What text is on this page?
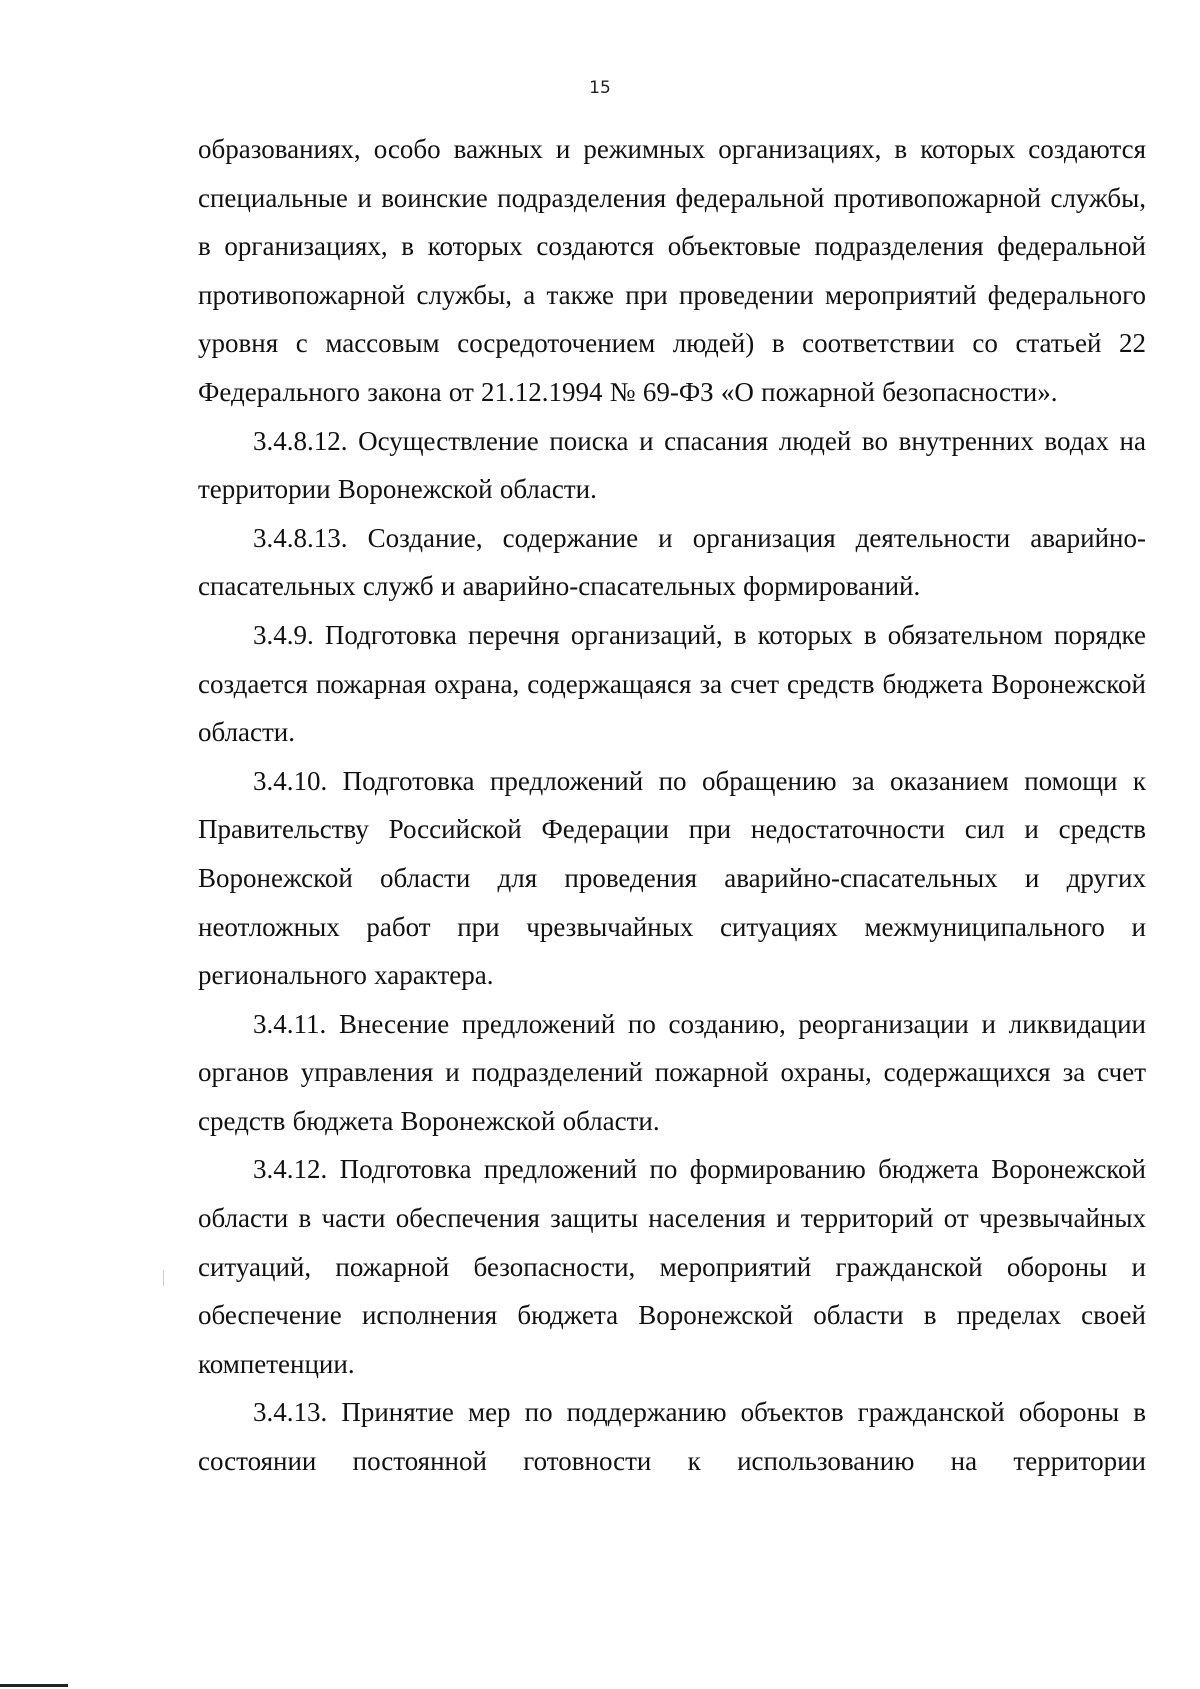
15

образованиях, особо важных и режимных организациях, в которых создаются специальные и воинские подразделения федеральной противопожарной службы, в организациях, в которых создаются объектовые подразделения федеральной противопожарной службы, а также при проведении мероприятий федерального уровня с массовым сосредоточением людей) в соответствии со статьей 22 Федерального закона от 21.12.1994 № 69-ФЗ «О пожарной безопасности».

3.4.8.12. Осуществление поиска и спасания людей во внутренних водах на территории Воронежской области.

3.4.8.13. Создание, содержание и организация деятельности аварийно-спасательных служб и аварийно-спасательных формирований.

3.4.9. Подготовка перечня организаций, в которых в обязательном порядке создается пожарная охрана, содержащаяся за счет средств бюджета Воронежской области.

3.4.10. Подготовка предложений по обращению за оказанием помощи к Правительству Российской Федерации при недостаточности сил и средств Воронежской области для проведения аварийно-спасательных и других неотложных работ при чрезвычайных ситуациях межмуниципального и регионального характера.

3.4.11. Внесение предложений по созданию, реорганизации и ликвидации органов управления и подразделений пожарной охраны, содержащихся за счет средств бюджета Воронежской области.

3.4.12. Подготовка предложений по формированию бюджета Воронежской области в части обеспечения защиты населения и территорий от чрезвычайных ситуаций, пожарной безопасности, мероприятий гражданской обороны и обеспечение исполнения бюджета Воронежской области в пределах своей компетенции.

3.4.13. Принятие мер по поддержанию объектов гражданской обороны в состоянии постоянной готовности к использованию на территории
